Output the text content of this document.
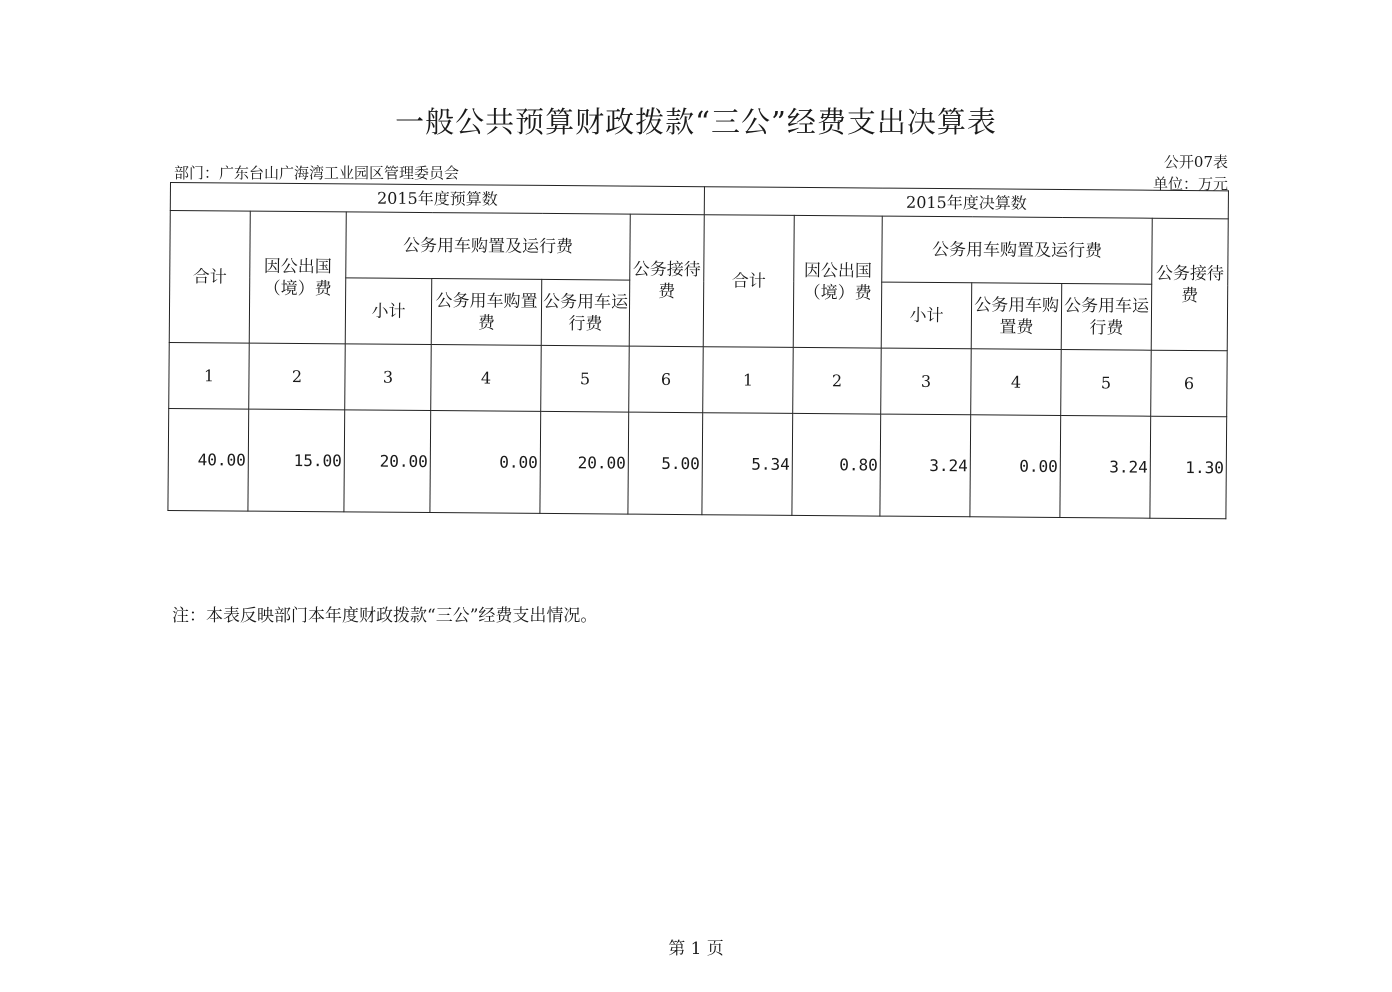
一般公共预算财政拨款“三公”经费支出决算表
部门：广东台山广海湾工业园区管理委员会
公开07表
单位：万元
2015年度预算数						2015年度决算数					
合计	因公出国（境）费	公务用车购置及运行费			公务接待费	合计	因公出国（境）费	公务用车购置及运行费			公务接待费
		小计	公务用车购置费	公务用车运行费				小计	公务用车购置费	公务用车运行费	
1	2	3	4	5	6	1	2	3	4	5	6
40.00	15.00	20.00	0.00	20.00	5.00	5.34	0.80	3.24	0.00	3.24	1.30
注：本表反映部门本年度财政拨款“三公”经费支出情况。
第 1 页
